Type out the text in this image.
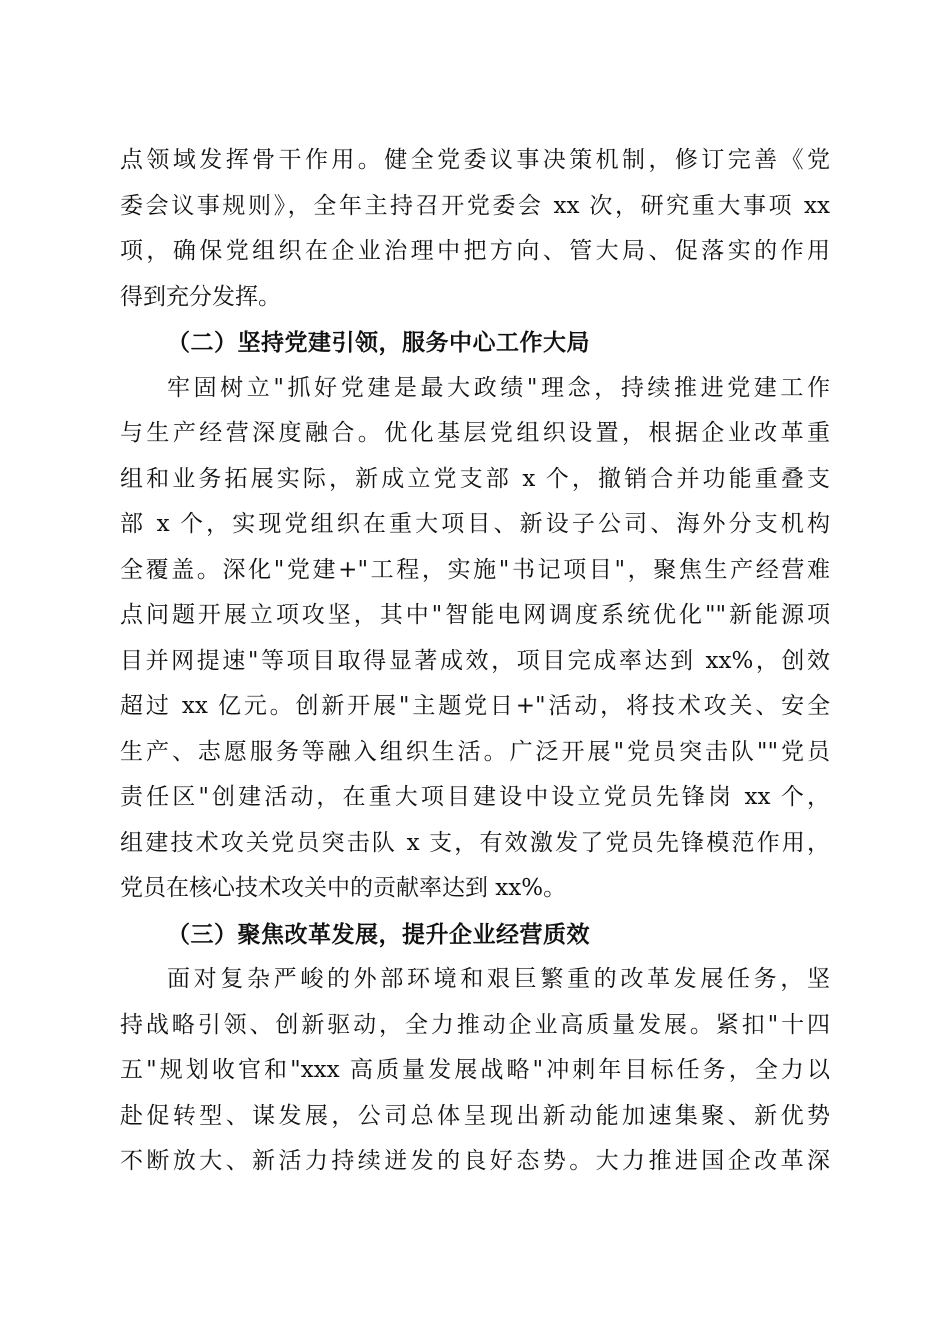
点领域发挥骨干作用。健全党委议事决策机制，修订完善《党
委会议事规则》，全年主持召开党委会 xx 次，研究重大事项 xx
项，确保党组织在企业治理中把方向、管大局、促落实的作用
得到充分发挥。
（二）坚持党建引领，服务中心工作大局
牢固树立"抓好党建是最大政绩"理念，持续推进党建工作
与生产经营深度融合。优化基层党组织设置，根据企业改革重
组和业务拓展实际，新成立党支部 x 个，撤销合并功能重叠支
部 x 个，实现党组织在重大项目、新设子公司、海外分支机构
全覆盖。深化"党建+"工程，实施"书记项目"，聚焦生产经营难
点问题开展立项攻坚，其中"智能电网调度系统优化""新能源项
目并网提速"等项目取得显著成效，项目完成率达到 xx%，创效
超过 xx 亿元。创新开展"主题党日+"活动，将技术攻关、安全
生产、志愿服务等融入组织生活。广泛开展"党员突击队""党员
责任区"创建活动，在重大项目建设中设立党员先锋岗 xx 个，
组建技术攻关党员突击队 x 支，有效激发了党员先锋模范作用，
党员在核心技术攻关中的贡献率达到 xx%。
（三）聚焦改革发展，提升企业经营质效
面对复杂严峻的外部环境和艰巨繁重的改革发展任务，坚
持战略引领、创新驱动，全力推动企业高质量发展。紧扣"十四
五"规划收官和"xxx 高质量发展战略"冲刺年目标任务，全力以
赴促转型、谋发展，公司总体呈现出新动能加速集聚、新优势
不断放大、新活力持续迸发的良好态势。大力推进国企改革深
